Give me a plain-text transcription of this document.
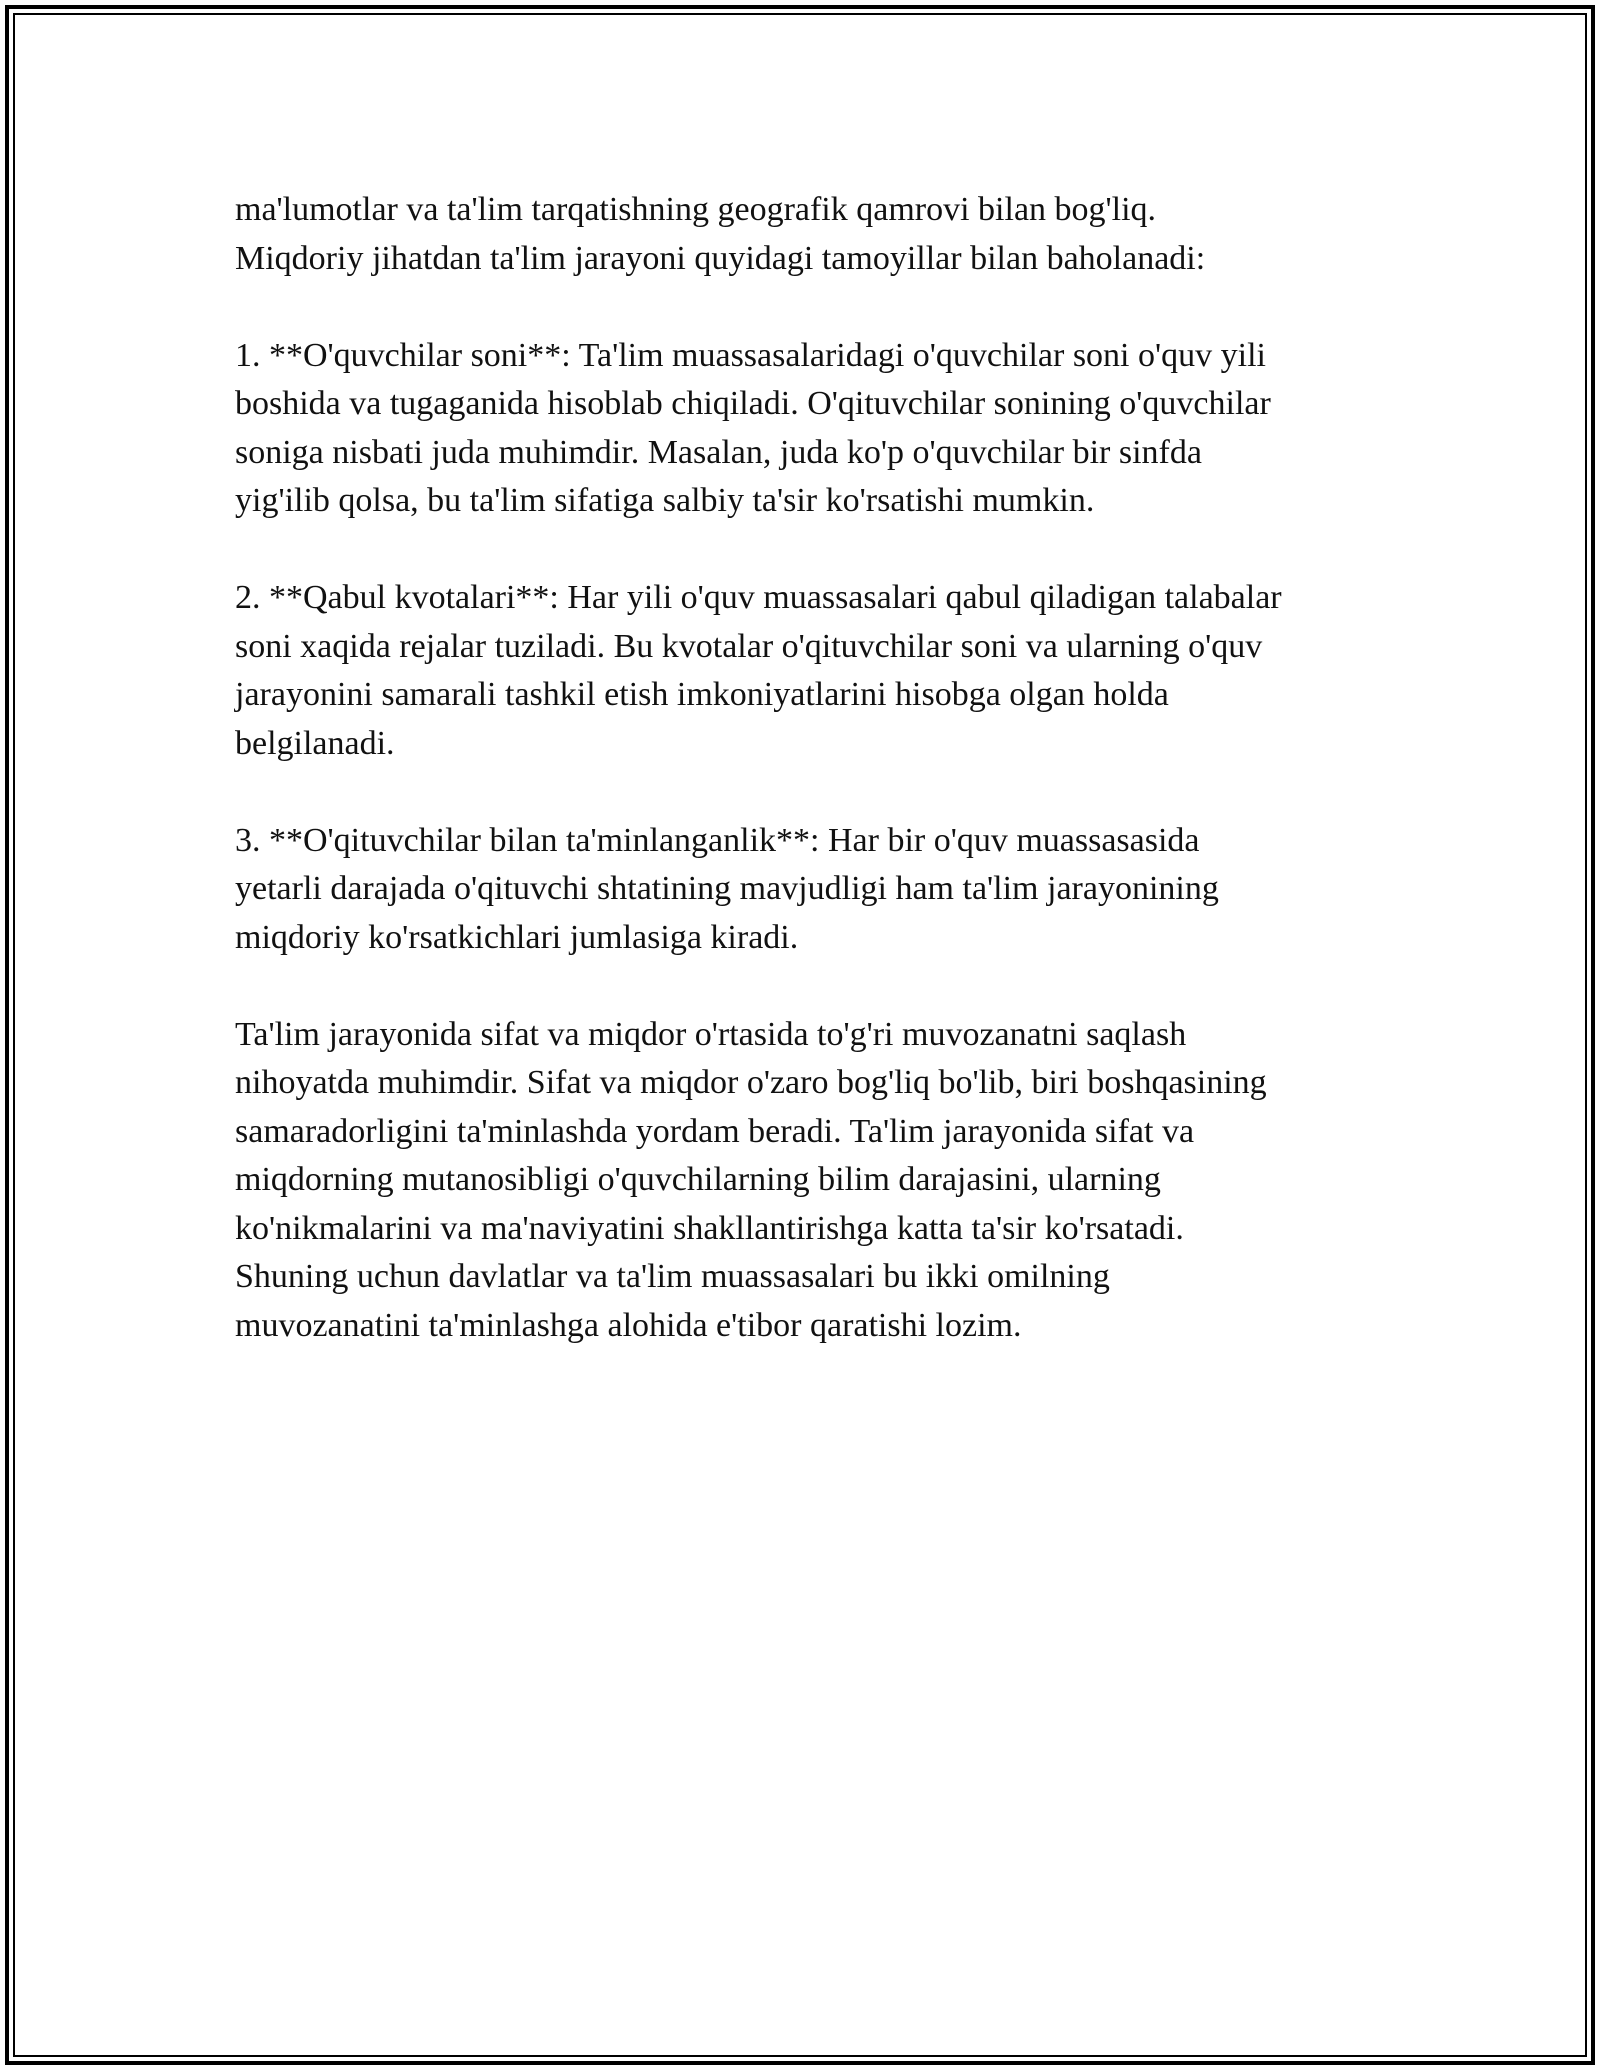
ma'lumotlar va ta'lim tarqatishning geografik qamrovi bilan bog'liq.
Miqdoriy jihatdan ta'lim jarayoni quyidagi tamoyillar bilan baholanadi:
1. **O'quvchilar soni**: Ta'lim muassasalaridagi o'quvchilar soni o'quv yili
boshida va tugaganida hisoblab chiqiladi. O'qituvchilar sonining o'quvchilar
soniga nisbati juda muhimdir. Masalan, juda ko'p o'quvchilar bir sinfda
yig'ilib qolsa, bu ta'lim sifatiga salbiy ta'sir ko'rsatishi mumkin.
2. **Qabul kvotalari**: Har yili o'quv muassasalari qabul qiladigan talabalar
soni xaqida rejalar tuziladi. Bu kvotalar o'qituvchilar soni va ularning o'quv
jarayonini samarali tashkil etish imkoniyatlarini hisobga olgan holda
belgilanadi.
3. **O'qituvchilar bilan ta'minlanganlik**: Har bir o'quv muassasasida
yetarli darajada o'qituvchi shtatining mavjudligi ham ta'lim jarayonining
miqdoriy ko'rsatkichlari jumlasiga kiradi.
Ta'lim jarayonida sifat va miqdor o'rtasida to'g'ri muvozanatni saqlash
nihoyatda muhimdir. Sifat va miqdor o'zaro bog'liq bo'lib, biri boshqasining
samaradorligini ta'minlashda yordam beradi. Ta'lim jarayonida sifat va
miqdorning mutanosibligi o'quvchilarning bilim darajasini, ularning
ko'nikmalarini va ma'naviyatini shakllantirishga katta ta'sir ko'rsatadi.
Shuning uchun davlatlar va ta'lim muassasalari bu ikki omilning
muvozanatini ta'minlashga alohida e'tibor qaratishi lozim.
